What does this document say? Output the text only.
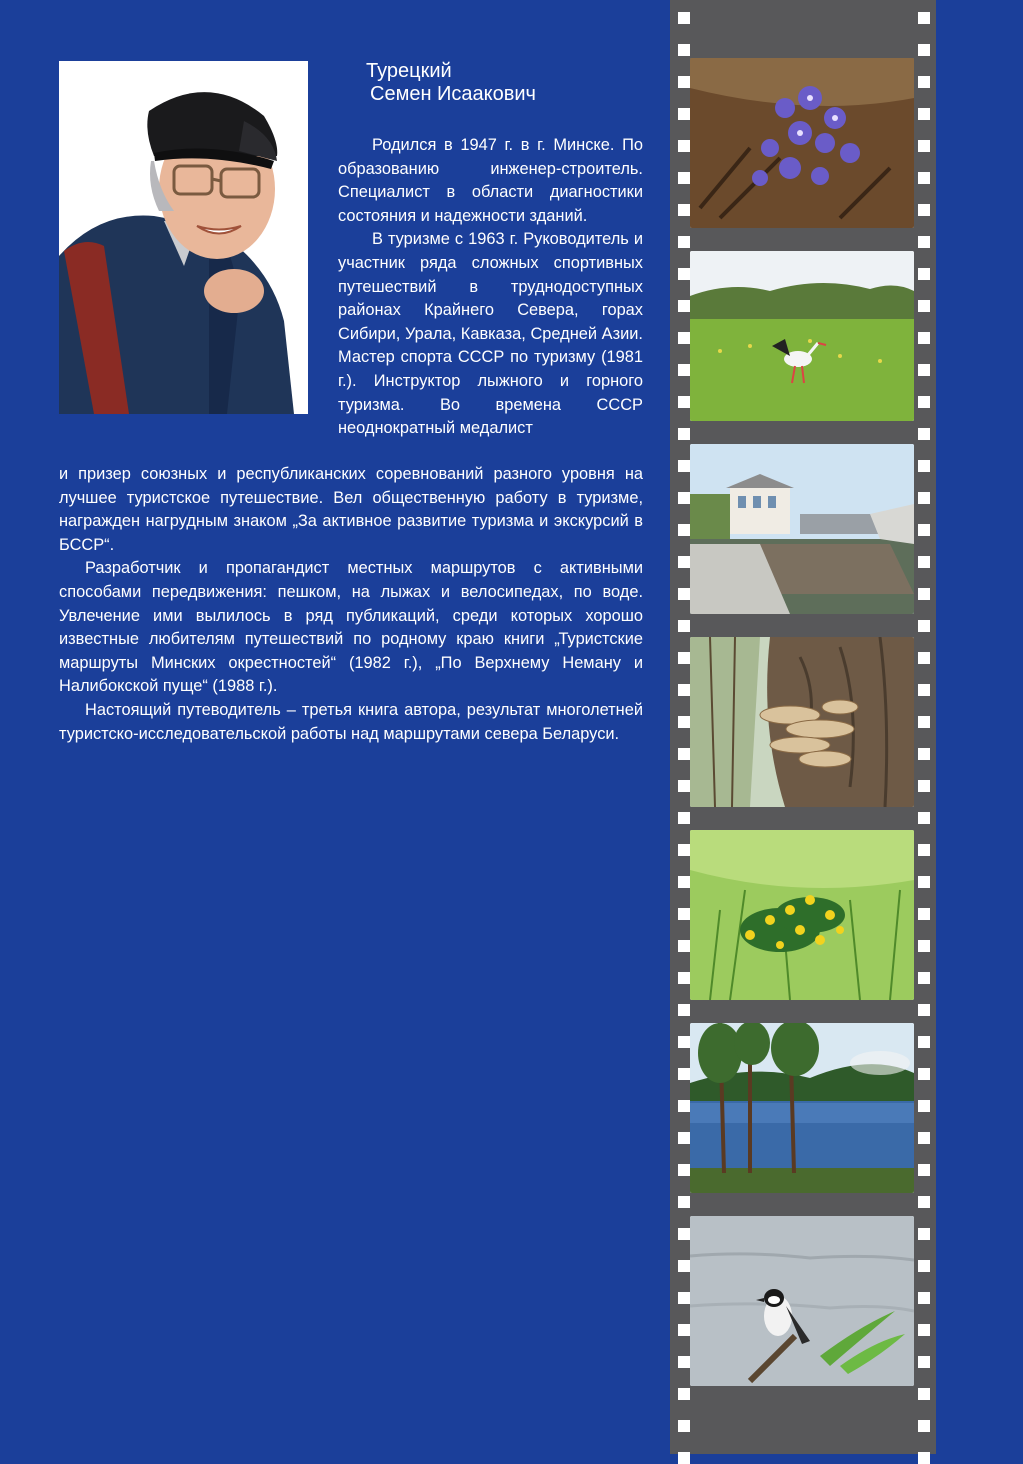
Турецкий
Семен Исаакович

Родился в 1947 г. в г. Минске. По образованию инженер-строитель. Специалист в области диагностики состояния и надежности зданий.

В туризме с 1963 г. Руководитель и участник ряда сложных спортивных путешествий в труднодоступных районах Крайнего Севера, горах Сибири, Урала, Кавказа, Средней Азии. Мастер спорта СССР по туризму (1981 г.). Инструктор лыжного и горного туризма. Во времена СССР неоднократный медалист

и призер союзных и республиканских соревнований разного уровня на лучшее туристское путешествие. Вел общественную работу в туризме, награжден нагрудным знаком „За активное развитие туризма и экскурсий в БССР“.

Разработчик и пропагандист местных маршрутов с активными способами передвижения: пешком, на лыжах и велосипедах, по воде. Увлечение ими вылилось в ряд публикаций, среди которых хорошо известные любителям путешествий по родному краю книги „Туристские маршруты Минских окрестностей“ (1982 г.), „По Верхнему Неману и Налибокской пуще“ (1988 г.).

Настоящий путеводитель – третья книга автора, результат многолетней туристско-исследовательской работы над маршрутами севера Беларуси.
